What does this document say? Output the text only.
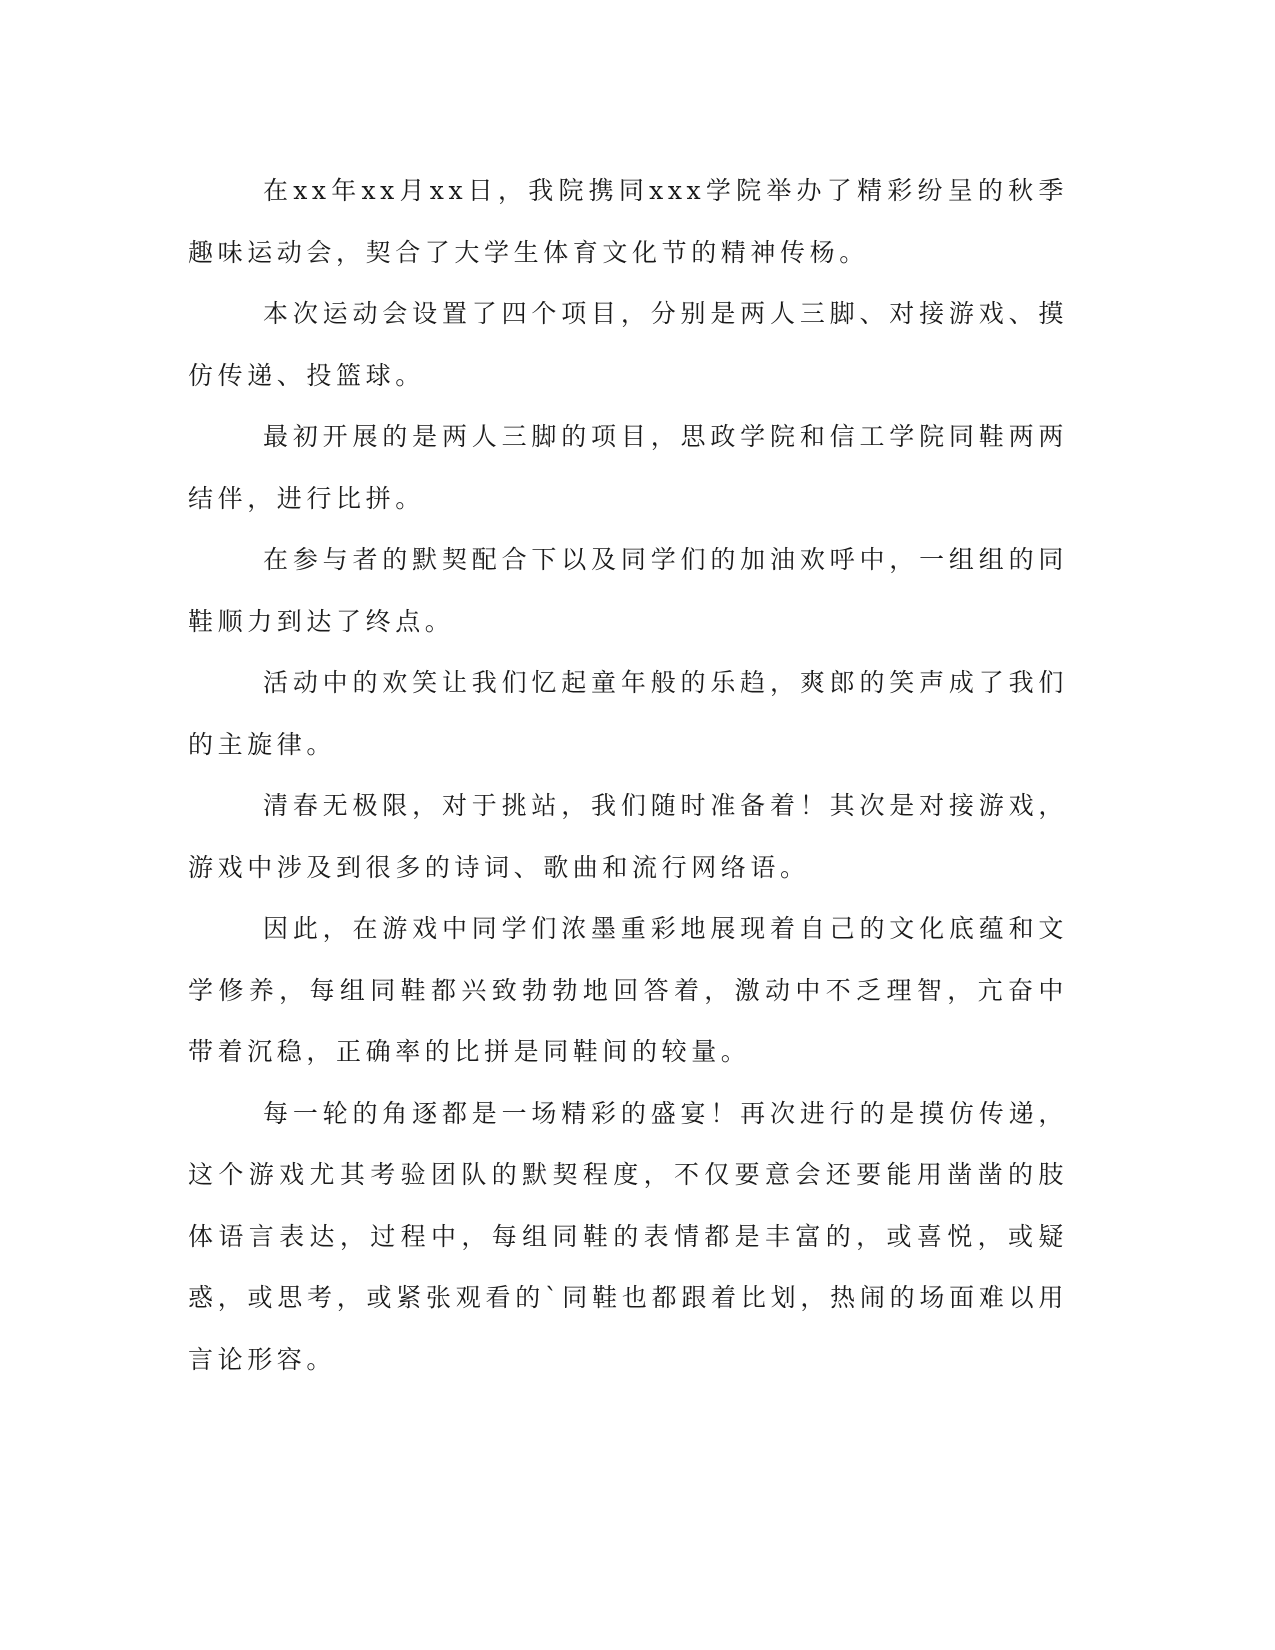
在xx年xx月xx日，我院携同xxx学院举办了精彩纷呈的秋季趣味运动会，契合了大学生体育文化节的精神传杨。

本次运动会设置了四个项目，分别是两人三脚、对接游戏、摸仿传递、投篮球。

最初开展的是两人三脚的项目，思政学院和信工学院同鞋两两结伴，进行比拼。

在参与者的默契配合下以及同学们的加油欢呼中，一组组的同鞋顺力到达了终点。

活动中的欢笑让我们忆起童年般的乐趋，爽郎的笑声成了我们的主旋律。

清春无极限，对于挑站，我们随时准备着！其次是对接游戏，游戏中涉及到很多的诗词、歌曲和流行网络语。

因此，在游戏中同学们浓墨重彩地展现着自己的文化底蕴和文学修养，每组同鞋都兴致勃勃地回答着，激动中不乏理智，亢奋中带着沉稳，正确率的比拼是同鞋间的较量。

每一轮的角逐都是一场精彩的盛宴！再次进行的是摸仿传递，这个游戏尤其考验团队的默契程度，不仅要意会还要能用凿凿的肢体语言表达，过程中，每组同鞋的表情都是丰富的，或喜悦，或疑惑，或思考，或紧张观看的`同鞋也都跟着比划，热闹的场面难以用言论形容。
